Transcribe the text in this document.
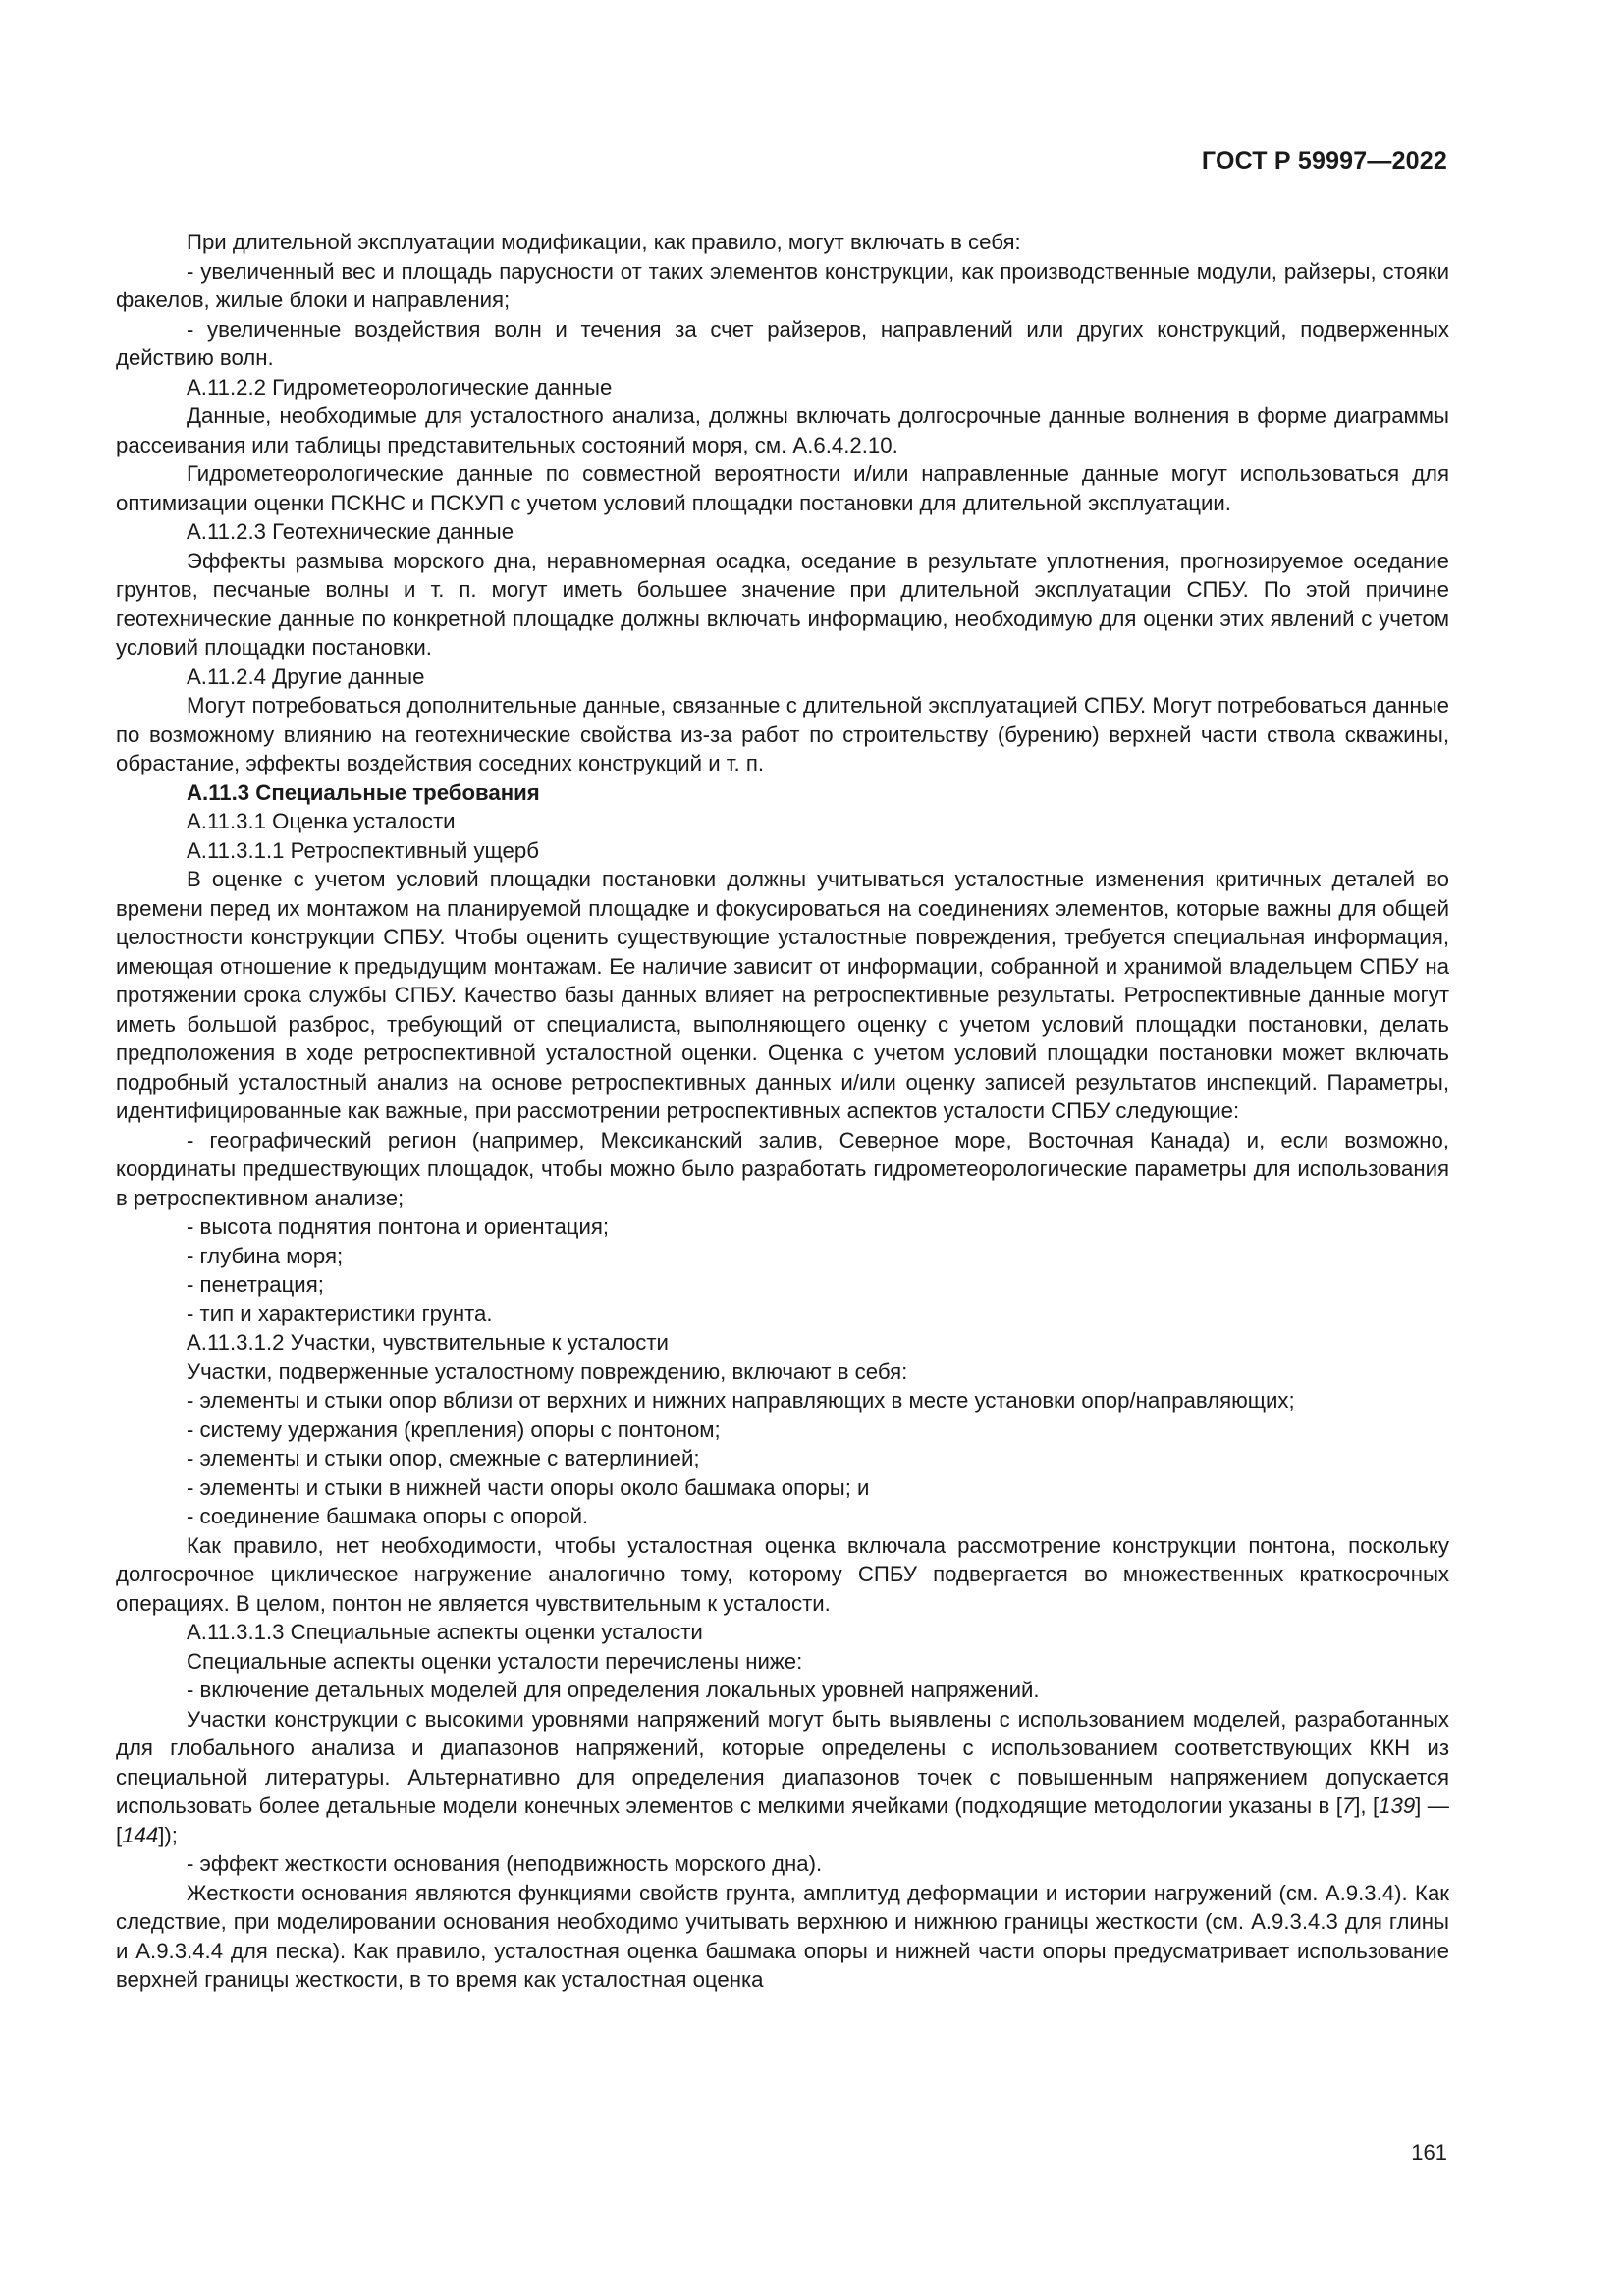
ГОСТ Р 59997—2022

При длительной эксплуатации модификации, как правило, могут включать в себя:

- увеличенный вес и площадь парусности от таких элементов конструкции, как производственные модули, райзеры, стояки факелов, жилые блоки и направления;

- увеличенные воздействия волн и течения за счет райзеров, направлений или других конструкций, подверженных действию волн.

А.11.2.2 Гидрометеорологические данные

Данные, необходимые для усталостного анализа, должны включать долгосрочные данные волнения в форме диаграммы рассеивания или таблицы представительных состояний моря, см. А.6.4.2.10.

Гидрометеорологические данные по совместной вероятности и/или направленные данные могут использоваться для оптимизации оценки ПСКНС и ПСКУП с учетом условий площадки постановки для длительной эксплуатации.

А.11.2.3 Геотехнические данные

Эффекты размыва морского дна, неравномерная осадка, оседание в результате уплотнения, прогнозируемое оседание грунтов, песчаные волны и т. п. могут иметь большее значение при длительной эксплуатации СПБУ. По этой причине геотехнические данные по конкретной площадке должны включать информацию, необходимую для оценки этих явлений с учетом условий площадки постановки.

А.11.2.4 Другие данные

Могут потребоваться дополнительные данные, связанные с длительной эксплуатацией СПБУ. Могут потребоваться данные по возможному влиянию на геотехнические свойства из-за работ по строительству (бурению) верхней части ствола скважины, обрастание, эффекты воздействия соседних конструкций и т. п.

А.11.3 Специальные требования

А.11.3.1 Оценка усталости

А.11.3.1.1 Ретроспективный ущерб

В оценке с учетом условий площадки постановки должны учитываться усталостные изменения критичных деталей во времени перед их монтажом на планируемой площадке и фокусироваться на соединениях элементов, которые важны для общей целостности конструкции СПБУ. Чтобы оценить существующие усталостные повреждения, требуется специальная информация, имеющая отношение к предыдущим монтажам. Ее наличие зависит от информации, собранной и хранимой владельцем СПБУ на протяжении срока службы СПБУ. Качество базы данных влияет на ретроспективные результаты. Ретроспективные данные могут иметь большой разброс, требующий от специалиста, выполняющего оценку с учетом условий площадки постановки, делать предположения в ходе ретроспективной усталостной оценки. Оценка с учетом условий площадки постановки может включать подробный усталостный анализ на основе ретроспективных данных и/или оценку записей результатов инспекций. Параметры, идентифицированные как важные, при рассмотрении ретроспективных аспектов усталости СПБУ следующие:

- географический регион (например, Мексиканский залив, Северное море, Восточная Канада) и, если возможно, координаты предшествующих площадок, чтобы можно было разработать гидрометеорологические параметры для использования в ретроспективном анализе;

- высота поднятия понтона и ориентация;

- глубина моря;

- пенетрация;

- тип и характеристики грунта.

А.11.3.1.2 Участки, чувствительные к усталости

Участки, подверженные усталостному повреждению, включают в себя:

- элементы и стыки опор вблизи от верхних и нижних направляющих в месте установки опор/направляющих;

- систему удержания (крепления) опоры с понтоном;

- элементы и стыки опор, смежные с ватерлинией;

- элементы и стыки в нижней части опоры около башмака опоры; и

- соединение башмака опоры с опорой.

Как правило, нет необходимости, чтобы усталостная оценка включала рассмотрение конструкции понтона, поскольку долгосрочное циклическое нагружение аналогично тому, которому СПБУ подвергается во множественных краткосрочных операциях. В целом, понтон не является чувствительным к усталости.

А.11.3.1.3 Специальные аспекты оценки усталости

Специальные аспекты оценки усталости перечислены ниже:

- включение детальных моделей для определения локальных уровней напряжений.

Участки конструкции с высокими уровнями напряжений могут быть выявлены с использованием моделей, разработанных для глобального анализа и диапазонов напряжений, которые определены с использованием соответствующих ККН из специальной литературы. Альтернативно для определения диапазонов точек с повышенным напряжением допускается использовать более детальные модели конечных элементов с мелкими ячейками (подходящие методологии указаны в [7], [139] — [144]);

- эффект жесткости основания (неподвижность морского дна).

Жесткости основания являются функциями свойств грунта, амплитуд деформации и истории нагружений (см. А.9.3.4). Как следствие, при моделировании основания необходимо учитывать верхнюю и нижнюю границы жесткости (см. А.9.3.4.3 для глины и А.9.3.4.4 для песка). Как правило, усталостная оценка башмака опоры и нижней части опоры предусматривает использование верхней границы жесткости, в то время как усталостная оценка

161
